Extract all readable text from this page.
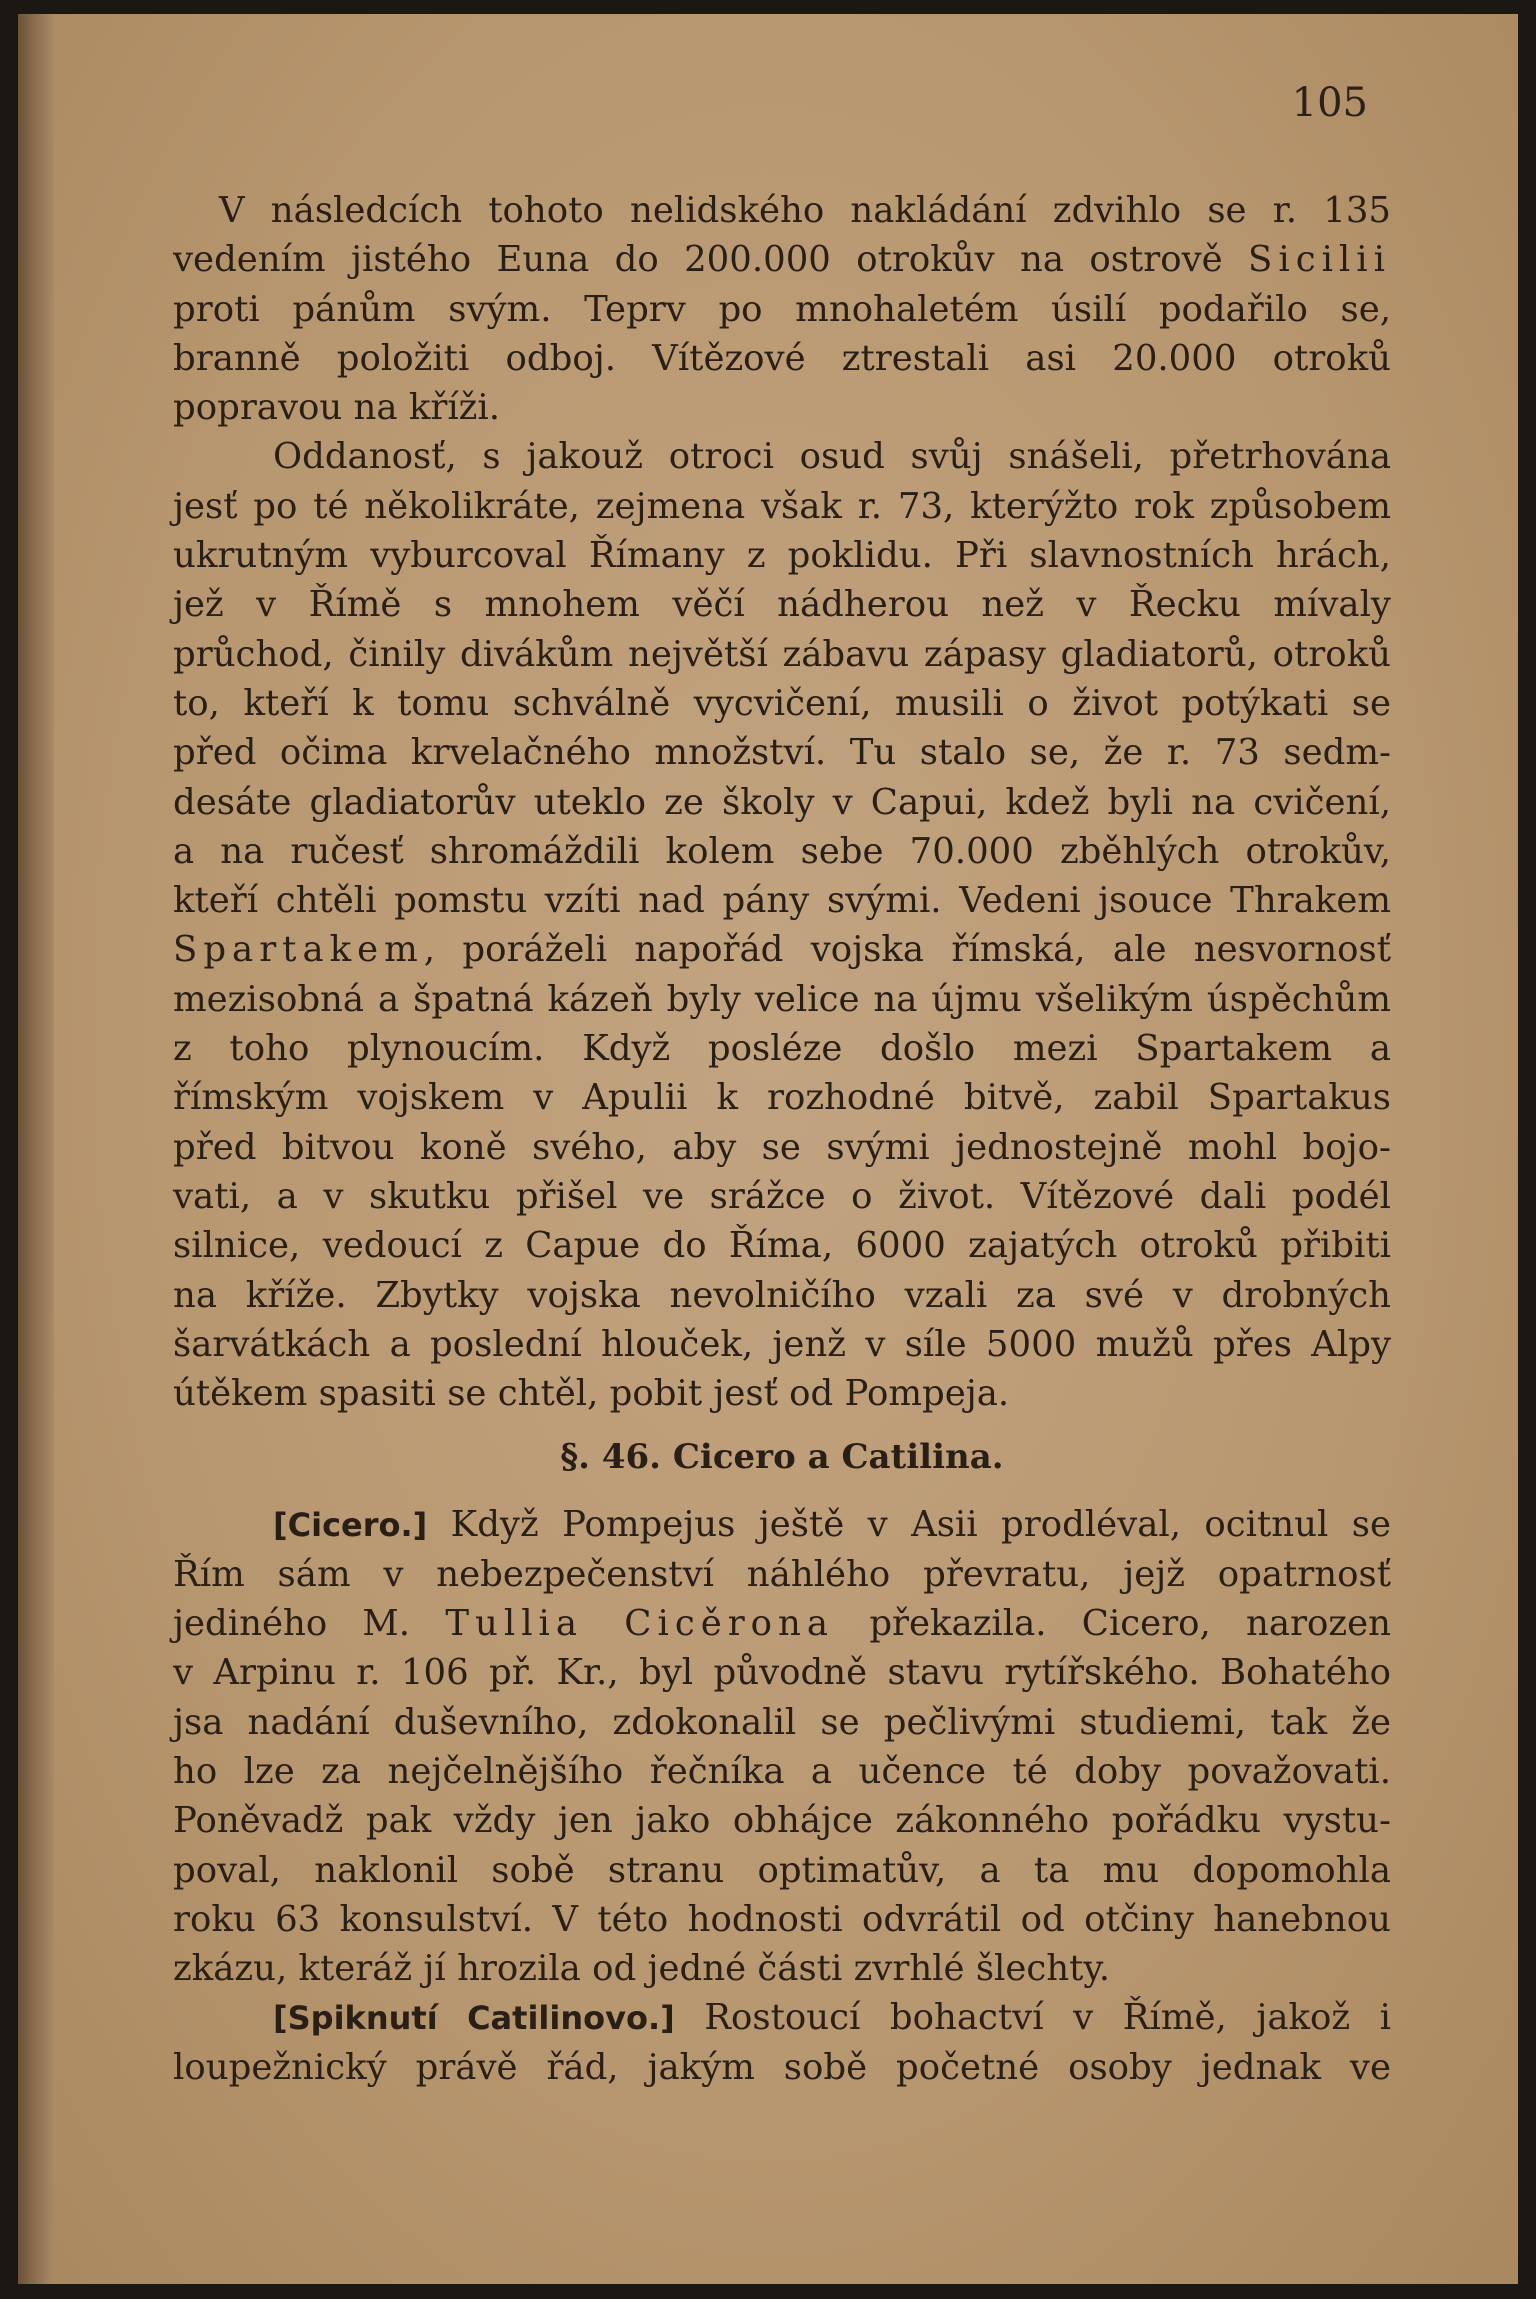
105
V následcích tohoto nelidského nakládání zdvihlo se r. 135
vedením jistého Euna do 200.000 otrokův na ostrově Sicilii
proti pánům svým. Teprv po mnohaletém úsilí podařilo se,
branně položiti odboj. Vítězové ztrestali asi 20.000 otroků
popravou na kříži.
Oddanosť, s jakouž otroci osud svůj snášeli, přetrhována
jesť po té několikráte, zejmena však r. 73, kterýžto rok způsobem
ukrutným vyburcoval Římany z poklidu. Při slavnostních hrách,
jež v Římě s mnohem věčí nádherou než v Řecku mívaly
průchod, činily divákům největší zábavu zápasy gladiatorů, otroků
to, kteří k tomu schválně vycvičení, musili o život potýkati se
před očima krvelačného množství. Tu stalo se, že r. 73 sedm-
desáte gladiatorův uteklo ze školy v Capui, kdež byli na cvičení,
a na ručesť shromáždili kolem sebe 70.000 zběhlých otrokův,
kteří chtěli pomstu vzíti nad pány svými. Vedeni jsouce Thrakem
Spartakem, poráželi napořád vojska římská, ale nesvornosť
mezisobná a špatná kázeň byly velice na újmu všelikým úspěchům
z toho plynoucím. Když posléze došlo mezi Spartakem a
římským vojskem v Apulii k rozhodné bitvě, zabil Spartakus
před bitvou koně svého, aby se svými jednostejně mohl bojo-
vati, a v skutku přišel ve srážce o život. Vítězové dali podél
silnice, vedoucí z Capue do Říma, 6000 zajatých otroků přibiti
na kříže. Zbytky vojska nevolničího vzali za své v drobných
šarvátkách a poslední hlouček, jenž v síle 5000 mužů přes Alpy
útěkem spasiti se chtěl, pobit jesť od Pompeja.
§. 46. Cicero a Catilina.
[Cicero.] Když Pompejus ještě v Asii prodléval, ocitnul se
Řím sám v nebezpečenství náhlého převratu, jejž opatrnosť
jediného M. Tullia Cicěrona překazila. Cicero, narozen
v Arpinu r. 106 př. Kr., byl původně stavu rytířského. Bohatého
jsa nadání duševního, zdokonalil se pečlivými studiemi, tak že
ho lze za nejčelnějšího řečníka a učence té doby považovati.
Poněvadž pak vždy jen jako obhájce zákonného pořádku vystu-
poval, naklonil sobě stranu optimatův, a ta mu dopomohla
roku 63 konsulství. V této hodnosti odvrátil od otčiny hanebnou
zkázu, kteráž jí hrozila od jedné části zvrhlé šlechty.
[Spiknutí Catilinovo.] Rostoucí bohactví v Římě, jakož i
loupežnický právě řád, jakým sobě početné osoby jednak ve
